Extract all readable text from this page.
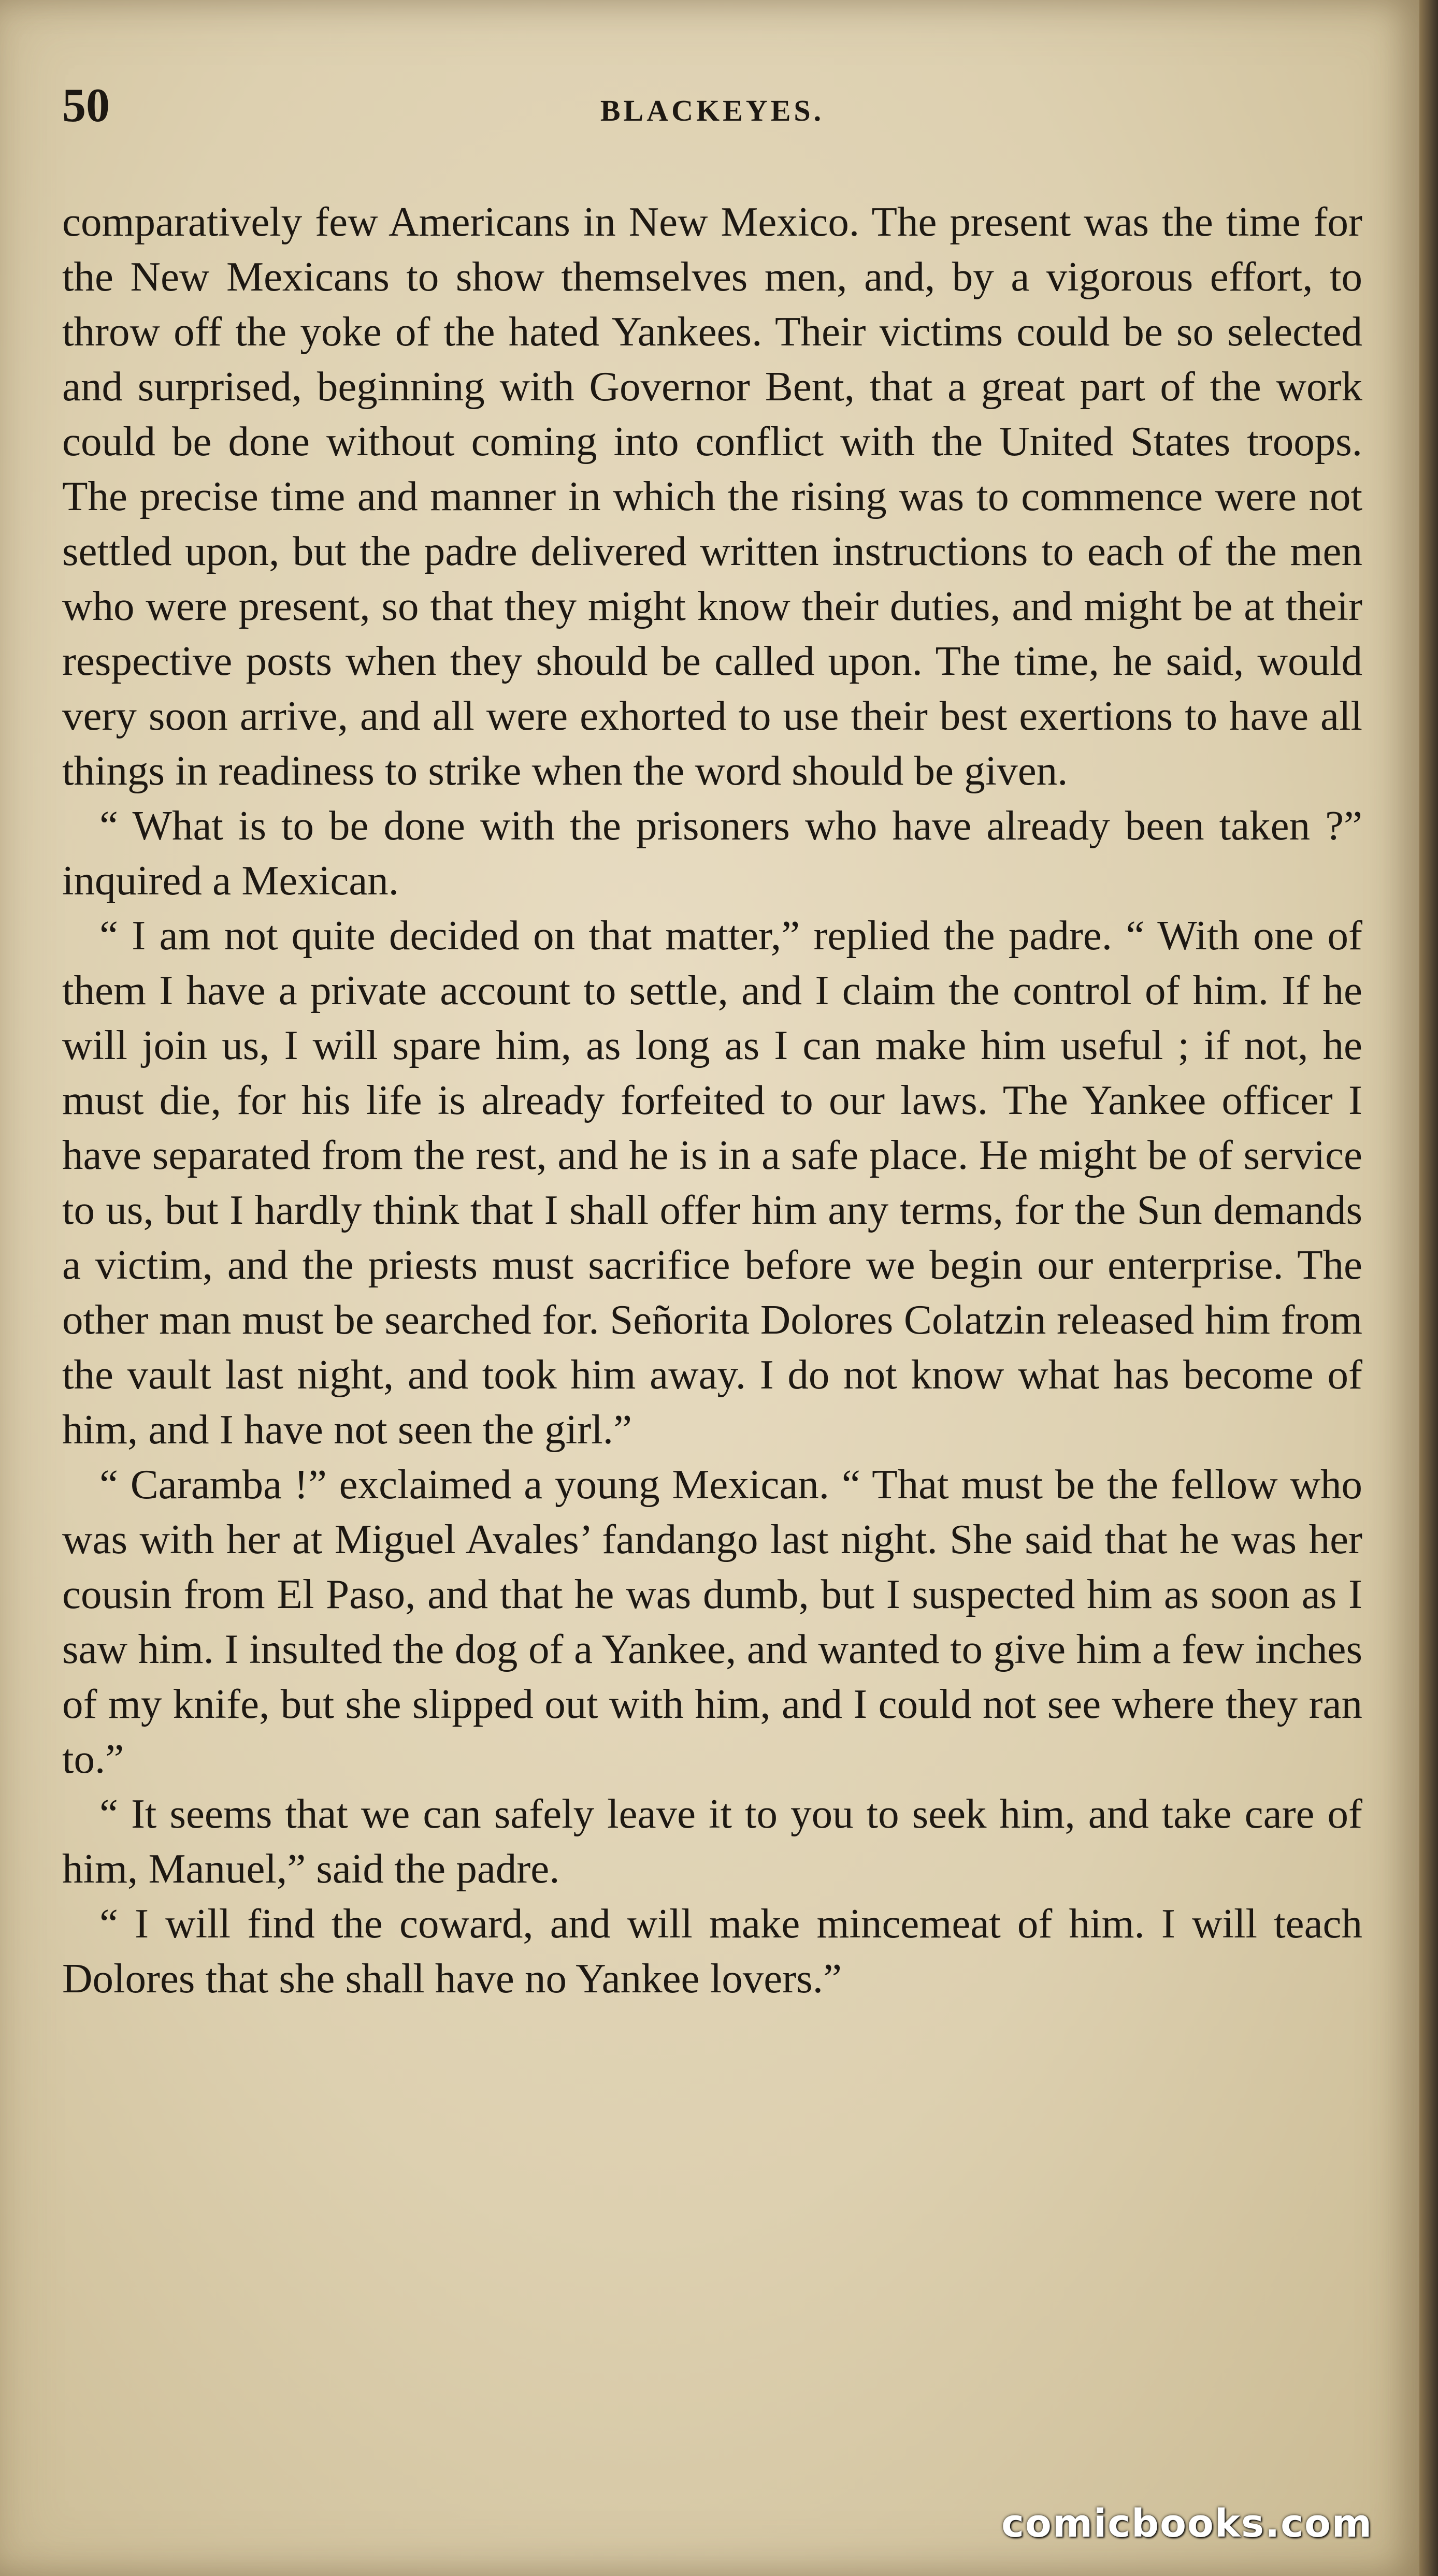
50	BLACKEYES.

comparatively few Americans in New Mexico. The present was the time for the New Mexicans to show themselves men, and, by a vigorous effort, to throw off the yoke of the hated Yankees. Their victims could be so selected and surprised, beginning with Governor Bent, that a great part of the work could be done without coming into conflict with the United States troops. The precise time and manner in which the rising was to commence were not settled upon, but the padre delivered written instructions to each of the men who were present, so that they might know their duties, and might be at their respective posts when they should be called upon. The time, he said, would very soon arrive, and all were exhorted to use their best exertions to have all things in readiness to strike when the word should be given.

“ What is to be done with the prisoners who have already been taken ?” inquired a Mexican.

“ I am not quite decided on that matter,” replied the padre. “ With one of them I have a private account to settle, and I claim the control of him. If he will join us, I will spare him, as long as I can make him useful ; if not, he must die, for his life is already forfeited to our laws. The Yankee officer I have separated from the rest, and he is in a safe place. He might be of service to us, but I hardly think that I shall offer him any terms, for the Sun demands a victim, and the priests must sacrifice before we begin our enterprise. The other man must be searched for. Señorita Dolores Colatzin released him from the vault last night, and took him away. I do not know what has become of him, and I have not seen the girl.”

“ Caramba !” exclaimed a young Mexican. “ That must be the fellow who was with her at Miguel Avales’ fandango last night. She said that he was her cousin from El Paso, and that he was dumb, but I suspected him as soon as I saw him. I insulted the dog of a Yankee, and wanted to give him a few inches of my knife, but she slipped out with him, and I could not see where they ran to.”

“ It seems that we can safely leave it to you to seek him, and take care of him, Manuel,” said the padre.

“ I will find the coward, and will make mincemeat of him. I will teach Dolores that she shall have no Yankee lovers.”

comicbooks.com
